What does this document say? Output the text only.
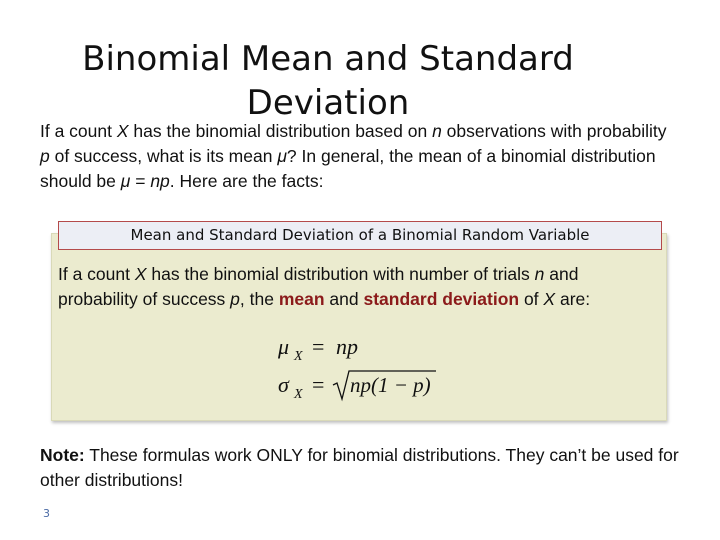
Binomial Mean and Standard
Deviation

If a count X has the binomial distribution based on n observations with probability p of success, what is its mean μ? In general, the mean of a binomial distribution should be μ = np. Here are the facts:

Mean and Standard Deviation of a Binomial Random Variable

If a count X has the binomial distribution with number of trials n and probability of success p, the mean and standard deviation of X are:

μ X = np
σ X = np(1 − p)

Note: These formulas work ONLY for binomial distributions. They can’t be used for other distributions!

3
